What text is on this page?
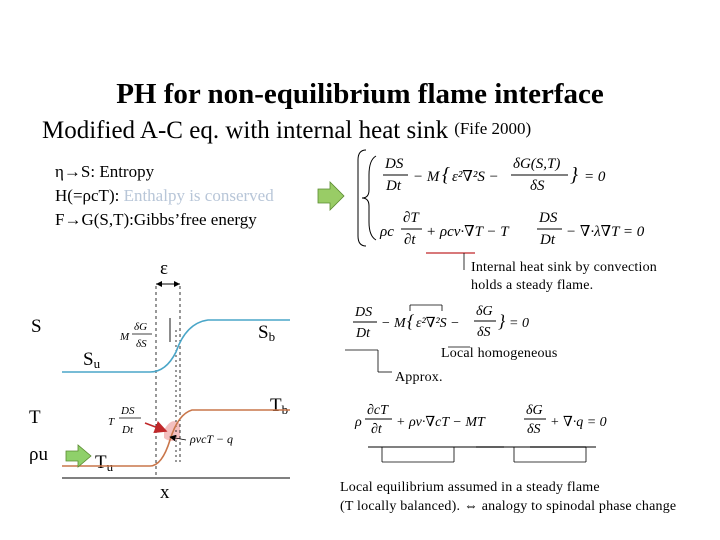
PH for non-equilibrium flame interface
Modified A-C eq. with internal heat sink (Fife 2000)
η→S: Entropy
H(=ρcT): Enthalpy is conserved
F→G(S,T):Gibbs’free energy
ε
S	$S_b$
$S_u$
T
$T_b$
ρu $T_u$
x
Internal heat sink by convection
holds a steady flame.
Local homogeneous
Approx.
Local equilibrium assumed in a steady flame
(T locally balanced). ⇔ analogy to spinodal phase change
DS
Dt
− M { ε²∇²S −
δG(S,T)
δS } = 0
ρc
∂T
∂t + ρcv·∇T − T
DS
Dt − ∇·λ∇T = 0
M
δG
δS
T
DS
Dt
ρvcT − q
DS
Dt
− M { ε²∇²S −
δG
δS
} = 0
ρ
∂cT
∂t + ρv·∇cT − MT
δG
δS + ∇·q = 0
